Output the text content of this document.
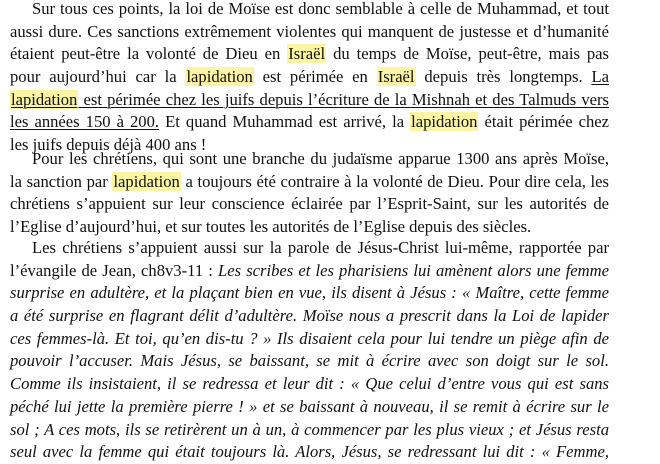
Sur tous ces points, la loi de Moïse est donc semblable à celle de Muhammad, et tout
aussi dure. Ces sanctions extrêmement violentes qui manquent de justesse et d’humanité
étaient peut-être la volonté de Dieu en Israël du temps de Moïse, peut-être, mais pas
pour aujourd’hui car la lapidation est périmée en Israël depuis très longtemps. La
lapidation est périmée chez les juifs depuis l’écriture de la Mishnah et des Talmuds vers
les années 150 à 200. Et quand Muhammad est arrivé, la lapidation était périmée chez
les juifs depuis déjà 400 ans !

Pour les chrétiens, qui sont une branche du judaïsme apparue 1300 ans après Moïse,
la sanction par lapidation a toujours été contraire à la volonté de Dieu. Pour dire cela, les
chrétiens s’appuient sur leur conscience éclairée par l’Esprit-Saint, sur les autorités de
l’Eglise d’aujourd’hui, et sur toutes les autorités de l’Eglise depuis des siècles.

Les chrétiens s’appuient aussi sur la parole de Jésus-Christ lui-même, rapportée par
l’évangile de Jean, ch8v3-11 : Les scribes et les pharisiens lui amènent alors une femme
surprise en adultère, et la plaçant bien en vue, ils disent à Jésus : « Maître, cette femme
a été surprise en flagrant délit d’adultère. Moïse nous a prescrit dans la Loi de lapider
ces femmes-là. Et toi, qu’en dis-tu ? » Ils disaient cela pour lui tendre un piège afin de
pouvoir l’accuser. Mais Jésus, se baissant, se mit à écrire avec son doigt sur le sol.
Comme ils insistaient, il se redressa et leur dit : « Que celui d’entre vous qui est sans
péché lui jette la première pierre ! » et se baissant à nouveau, il se remit à écrire sur le
sol ; A ces mots, ils se retirèrent un à un, à commencer par les plus vieux ; et Jésus resta
seul avec la femme qui était toujours là. Alors, Jésus, se redressant lui dit : « Femme,
